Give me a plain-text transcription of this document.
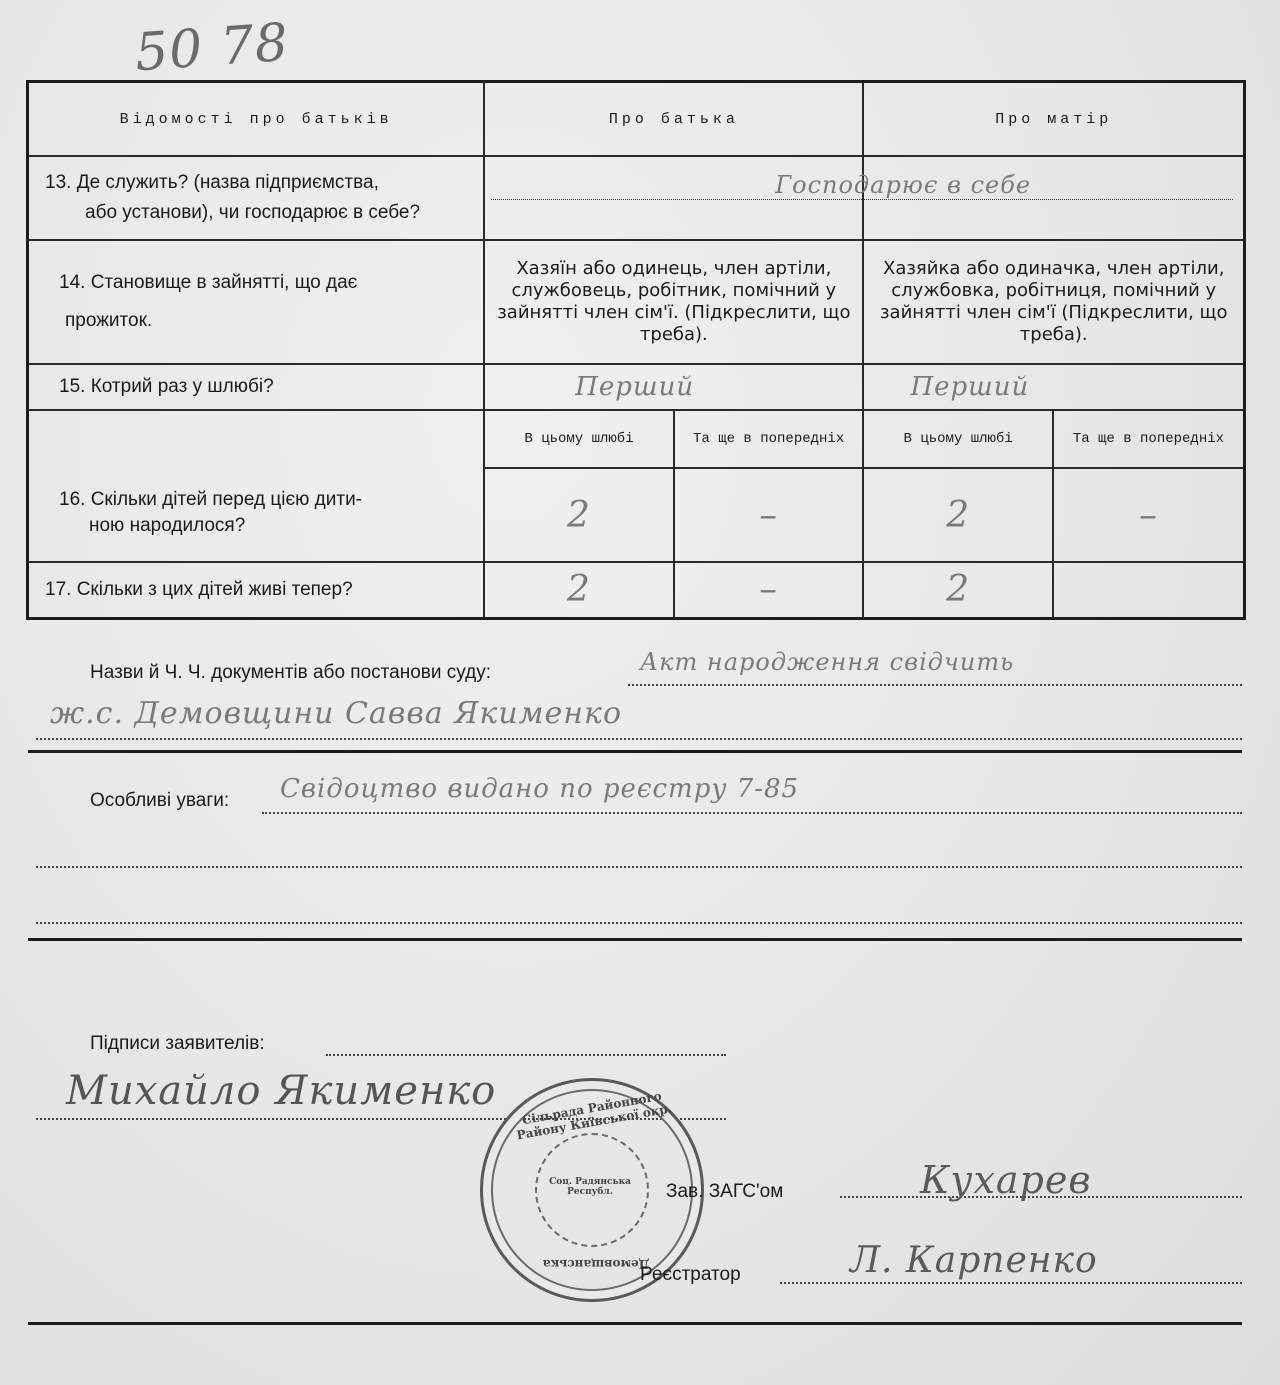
50 78
Відомості про батьків	Про батька		Про матір	

13. Де служить? (назва підприємства,
або установи), чи господарює в себе?	Господарює в себе			

14. Становище в зайнятті, що дає
прожиток.	Хазяїн або одинець, член артіли, службовець, робітник, помічний у зайнятті член сім'ї. (Підкреслити, що треба).		Хазяйка або одиначка, член артіли, службовка, робітниця, помічний у зайнятті член сім'ї (Підкреслити, що треба).	
15. Котрий раз у шлюбі?	Перший		Перший	

16. Скільки дітей перед цією дити-
ною народилося?	В цьому шлюбі	Та ще в попередніх	В цьому шлюбі	Та ще в попередніх
	2	–	2	–
17. Скільки з цих дітей живі тепер?	2	–	2	
Назви й Ч. Ч. документів або постанови суду:	Акт народження свідчить
ж.с. Демовщини Савва Якименко
Особливі уваги: Свідоцтво видано по реєстру 7-85
Підписи заявителів:
Михайло Якименко	Сільрада Районного Району Київської окр.
Демовщанська
Соц. Радянська Республ.	Зав. ЗАГС'ом	Кухарев
Реєстратор	Л. Карпенко
